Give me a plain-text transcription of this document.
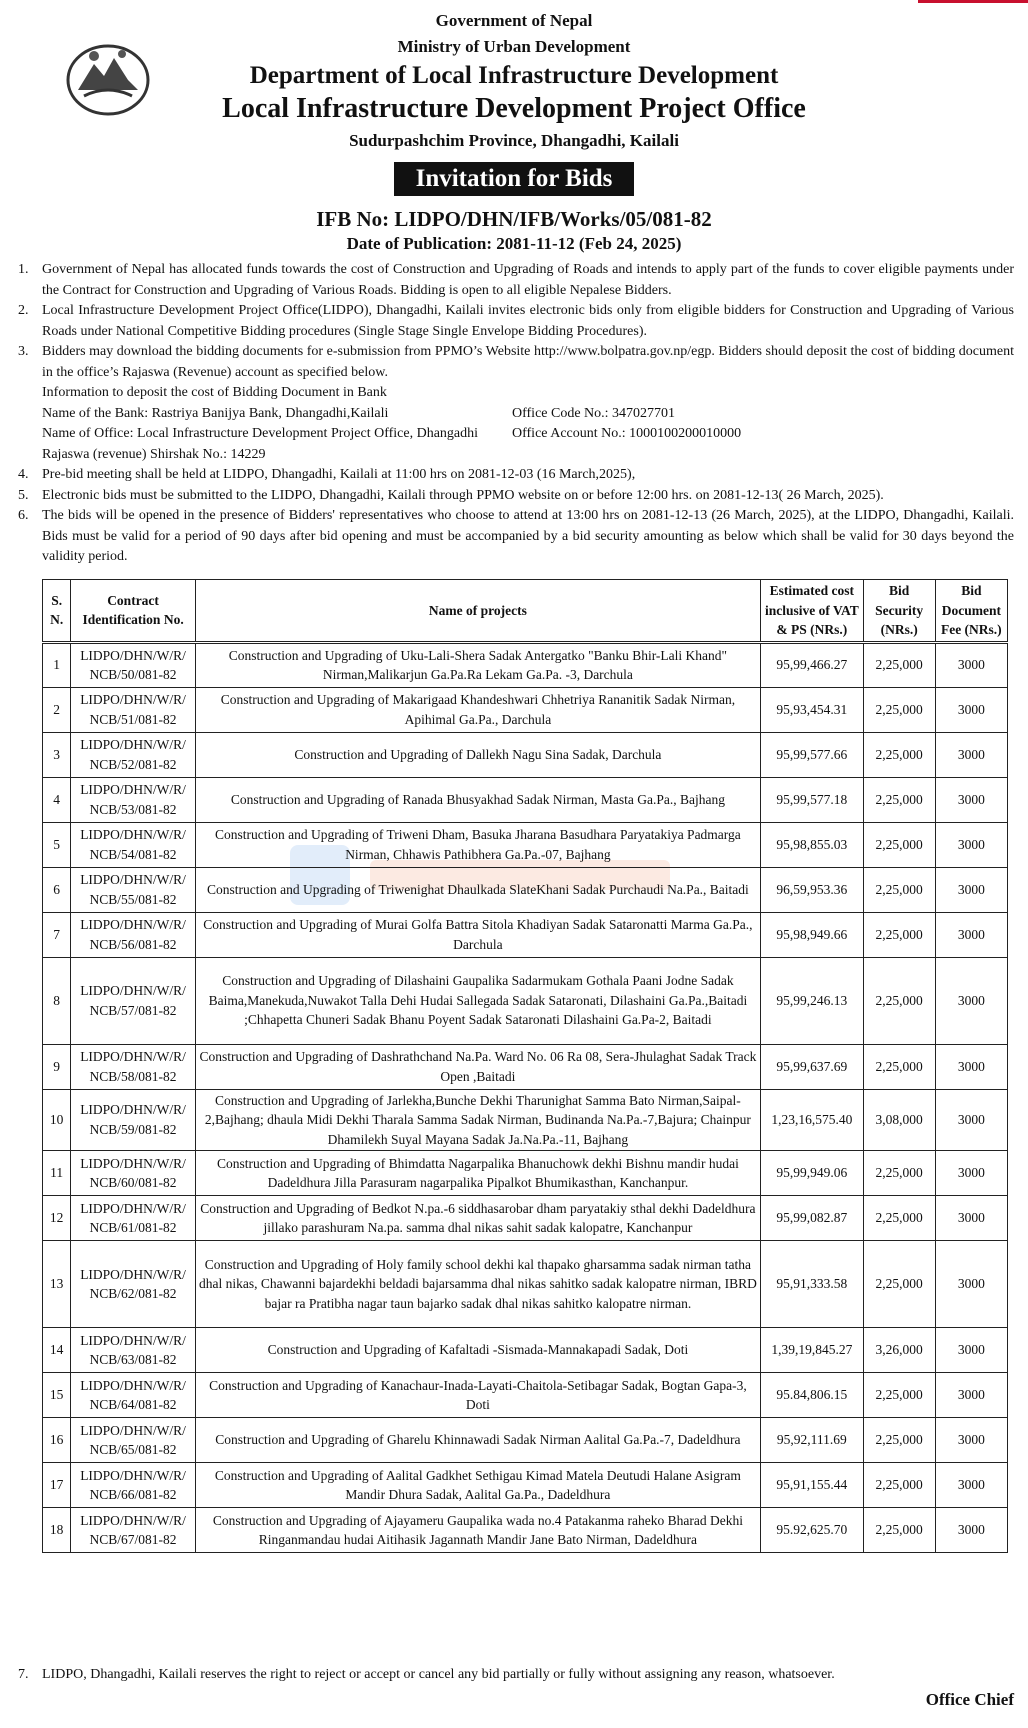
Government of Nepal
Ministry of Urban Development
Department of Local Infrastructure Development
Local Infrastructure Development Project Office
Sudurpashchim Province, Dhangadhi, Kailali
Invitation for Bids
IFB No: LIDPO/DHN/IFB/Works/05/081-82
Date of Publication: 2081-11-12 (Feb 24, 2025)
1. Government of Nepal has allocated funds towards the cost of Construction and Upgrading of Roads and intends to apply part of the funds to cover eligible payments under the Contract for Construction and Upgrading of Various Roads. Bidding is open to all eligible Nepalese Bidders.
2. Local Infrastructure Development Project Office(LIDPO), Dhangadhi, Kailali invites electronic bids only from eligible bidders for Construction and Upgrading of Various Roads under National Competitive Bidding procedures (Single Stage Single Envelope Bidding Procedures).
3. Bidders may download the bidding documents for e-submission from PPMO’s Website http://www.bolpatra.gov.np/egp. Bidders should deposit the cost of bidding document in the office’s Rajaswa (Revenue) account as specified below.
Information to deposit the cost of Bidding Document in Bank
Name of the Bank: Rastriya Banijya Bank, Dhangadhi,Kailali	Office Code No.: 347027701
Name of Office: Local Infrastructure Development Project Office, Dhangadhi	Office Account No.: 1000100200010000
Rajaswa (revenue) Shirshak No.: 14229
4. Pre-bid meeting shall be held at LIDPO, Dhangadhi, Kailali at 11:00 hrs on 2081-12-03 (16 March,2025),
5. Electronic bids must be submitted to the LIDPO, Dhangadhi, Kailali through PPMO website on or before 12:00 hrs. on 2081-12-13( 26 March, 2025).
6. The bids will be opened in the presence of Bidders' representatives who choose to attend at 13:00 hrs on 2081-12-13 (26 March, 2025), at the LIDPO, Dhangadhi, Kailali. Bids must be valid for a period of 90 days after bid opening and must be accompanied by a bid security amounting as below which shall be valid for 30 days beyond the validity period.
S. N.	Contract Identification No.	Name of projects	Estimated cost inclusive of VAT & PS (NRs.)	Bid Security (NRs.)	Bid Document Fee (NRs.)
1	LIDPO/DHN/W/R/ NCB/50/081-82	Construction and Upgrading of Uku-Lali-Shera Sadak Antergatko "Banku Bhir-Lali Khand" Nirman,Malikarjun Ga.Pa.Ra Lekam Ga.Pa. -3, Darchula	95,99,466.27	2,25,000	3000
2	LIDPO/DHN/W/R/ NCB/51/081-82	Construction and Upgrading of Makarigaad Khandeshwari Chhetriya Rananitik Sadak Nirman, Apihimal Ga.Pa., Darchula	95,93,454.31	2,25,000	3000
3	LIDPO/DHN/W/R/ NCB/52/081-82	Construction and Upgrading of Dallekh Nagu Sina Sadak, Darchula	95,99,577.66	2,25,000	3000
4	LIDPO/DHN/W/R/ NCB/53/081-82	Construction and Upgrading of Ranada Bhusyakhad Sadak Nirman, Masta Ga.Pa., Bajhang	95,99,577.18	2,25,000	3000
5	LIDPO/DHN/W/R/ NCB/54/081-82	Construction and Upgrading of Triweni Dham, Basuka Jharana Basudhara Paryatakiya Padmarga Nirman, Chhawis Pathibhera Ga.Pa.-07, Bajhang	95,98,855.03	2,25,000	3000
6	LIDPO/DHN/W/R/ NCB/55/081-82	Construction and Upgrading of Triwenighat Dhaulkada SlateKhani Sadak Purchaudi Na.Pa., Baitadi	96,59,953.36	2,25,000	3000
7	LIDPO/DHN/W/R/ NCB/56/081-82	Construction and Upgrading of Murai Golfa Battra Sitola Khadiyan Sadak Sataronatti Marma Ga.Pa., Darchula	95,98,949.66	2,25,000	3000
8	LIDPO/DHN/W/R/ NCB/57/081-82	Construction and Upgrading of Dilashaini Gaupalika Sadarmukam Gothala Paani Jodne Sadak Baima,Manekuda,Nuwakot Talla Dehi Hudai Sallegada Sadak Sataronati, Dilashaini Ga.Pa.,Baitadi ;Chhapetta Chuneri Sadak Bhanu Poyent Sadak Sataronati Dilashaini Ga.Pa-2, Baitadi	95,99,246.13	2,25,000	3000
9	LIDPO/DHN/W/R/ NCB/58/081-82	Construction and Upgrading of Dashrathchand Na.Pa. Ward No. 06 Ra 08, Sera-Jhulaghat Sadak Track Open ,Baitadi	95,99,637.69	2,25,000	3000
10	LIDPO/DHN/W/R/ NCB/59/081-82	Construction and Upgrading of Jarlekha,Bunche Dekhi Tharunighat Samma Bato Nirman,Saipal-2,Bajhang; dhaula Midi Dekhi Tharala Samma Sadak Nirman, Budinanda Na.Pa.-7,Bajura; Chainpur Dhamilekh Suyal Mayana Sadak Ja.Na.Pa.-11, Bajhang	1,23,16,575.40	3,08,000	3000
11	LIDPO/DHN/W/R/ NCB/60/081-82	Construction and Upgrading of Bhimdatta Nagarpalika Bhanuchowk dekhi Bishnu mandir hudai Dadeldhura Jilla Parasuram nagarpalika Pipalkot Bhumikasthan, Kanchanpur.	95,99,949.06	2,25,000	3000
12	LIDPO/DHN/W/R/ NCB/61/081-82	Construction and Upgrading of Bedkot N.pa.-6 siddhasarobar dham paryatakiy sthal dekhi Dadeldhura jillako parashuram Na.pa. samma dhal nikas sahit sadak kalopatre, Kanchanpur	95,99,082.87	2,25,000	3000
13	LIDPO/DHN/W/R/ NCB/62/081-82	Construction and Upgrading of Holy family school dekhi kal thapako gharsamma sadak nirman tatha dhal nikas, Chawanni bajardekhi beldadi bajarsamma dhal nikas sahitko sadak kalopatre nirman, IBRD bajar ra Pratibha nagar taun bajarko sadak dhal nikas sahitko kalopatre nirman.	95,91,333.58	2,25,000	3000
14	LIDPO/DHN/W/R/ NCB/63/081-82	Construction and Upgrading of Kafaltadi -Sismada-Mannakapadi Sadak, Doti	1,39,19,845.27	3,26,000	3000
15	LIDPO/DHN/W/R/ NCB/64/081-82	Construction and Upgrading of Kanachaur-Inada-Layati-Chaitola-Setibagar Sadak, Bogtan Gapa-3, Doti	95.84,806.15	2,25,000	3000
16	LIDPO/DHN/W/R/ NCB/65/081-82	Construction and Upgrading of Gharelu Khinnawadi Sadak Nirman Aalital Ga.Pa.-7, Dadeldhura	95,92,111.69	2,25,000	3000
17	LIDPO/DHN/W/R/ NCB/66/081-82	Construction and Upgrading of Aalital Gadkhet Sethigau Kimad Matela Deutudi Halane Asigram Mandir Dhura Sadak, Aalital Ga.Pa., Dadeldhura	95,91,155.44	2,25,000	3000
18	LIDPO/DHN/W/R/ NCB/67/081-82	Construction and Upgrading of Ajayameru Gaupalika wada no.4 Patakanma raheko Bharad Dekhi Ringanmandau hudai Aitihasik Jagannath Mandir Jane Bato Nirman, Dadeldhura	95.92,625.70	2,25,000	3000
7. LIDPO, Dhangadhi, Kailali reserves the right to reject or accept or cancel any bid partially or fully without assigning any reason, whatsoever.
Office Chief
